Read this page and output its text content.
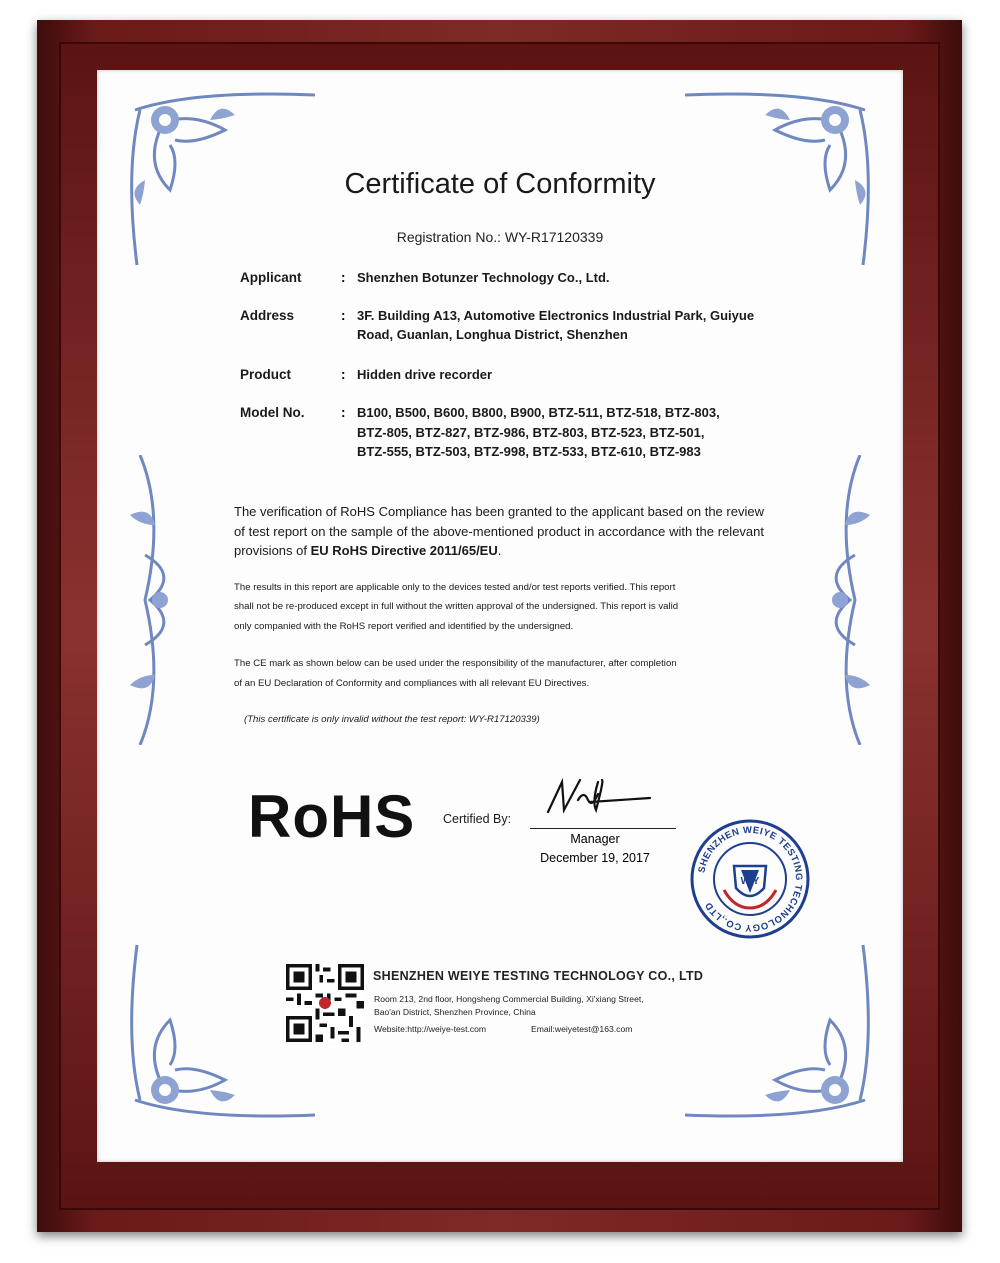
Certificate of Conformity
Registration No.: WY-R17120339
Applicant	: Shenzhen Botunzer Technology Co., Ltd.
Address	: 3F. Building A13, Automotive Electronics Industrial Park, Guiyue
Road, Guanlan, Longhua District, Shenzhen
Product	: Hidden drive recorder
Model No.	: B100, B500, B600, B800, B900, BTZ-511, BTZ-518, BTZ-803,
BTZ-805, BTZ-827, BTZ-986, BTZ-803, BTZ-523, BTZ-501,
BTZ-555, BTZ-503, BTZ-998, BTZ-533, BTZ-610, BTZ-983
The verification of RoHS Compliance has been granted to the applicant based on the review of test report on the sample of the above-mentioned product in accordance with the relevant provisions of EU RoHS Directive 2011/65/EU.
The results in this report are applicable only to the devices tested and/or test reports verified. This report
shall not be re-produced except in full without the written approval of the undersigned. This report is valid
only companied with the RoHS report verified and identified by the undersigned.
The CE mark as shown below can be used under the responsibility of the manufacturer, after completion
of an EU Declaration of Conformity and compliances with all relevant EU Directives.
(This certificate is only invalid without the test report: WY-R17120339)
RoHS Certified By:
Manager
December 19, 2017
SHENZHEN WEIYE TESTING TECHNOLOGY CO.,LTD
W Y
SHENZHEN WEIYE TESTING TECHNOLOGY CO., LTD
Room 213, 2nd floor, Hongsheng Commercial Building, Xi'xiang Street,
Bao'an District, Shenzhen Province, China
Website:http://weiye-test.com	Email:weiyetest@163.com
